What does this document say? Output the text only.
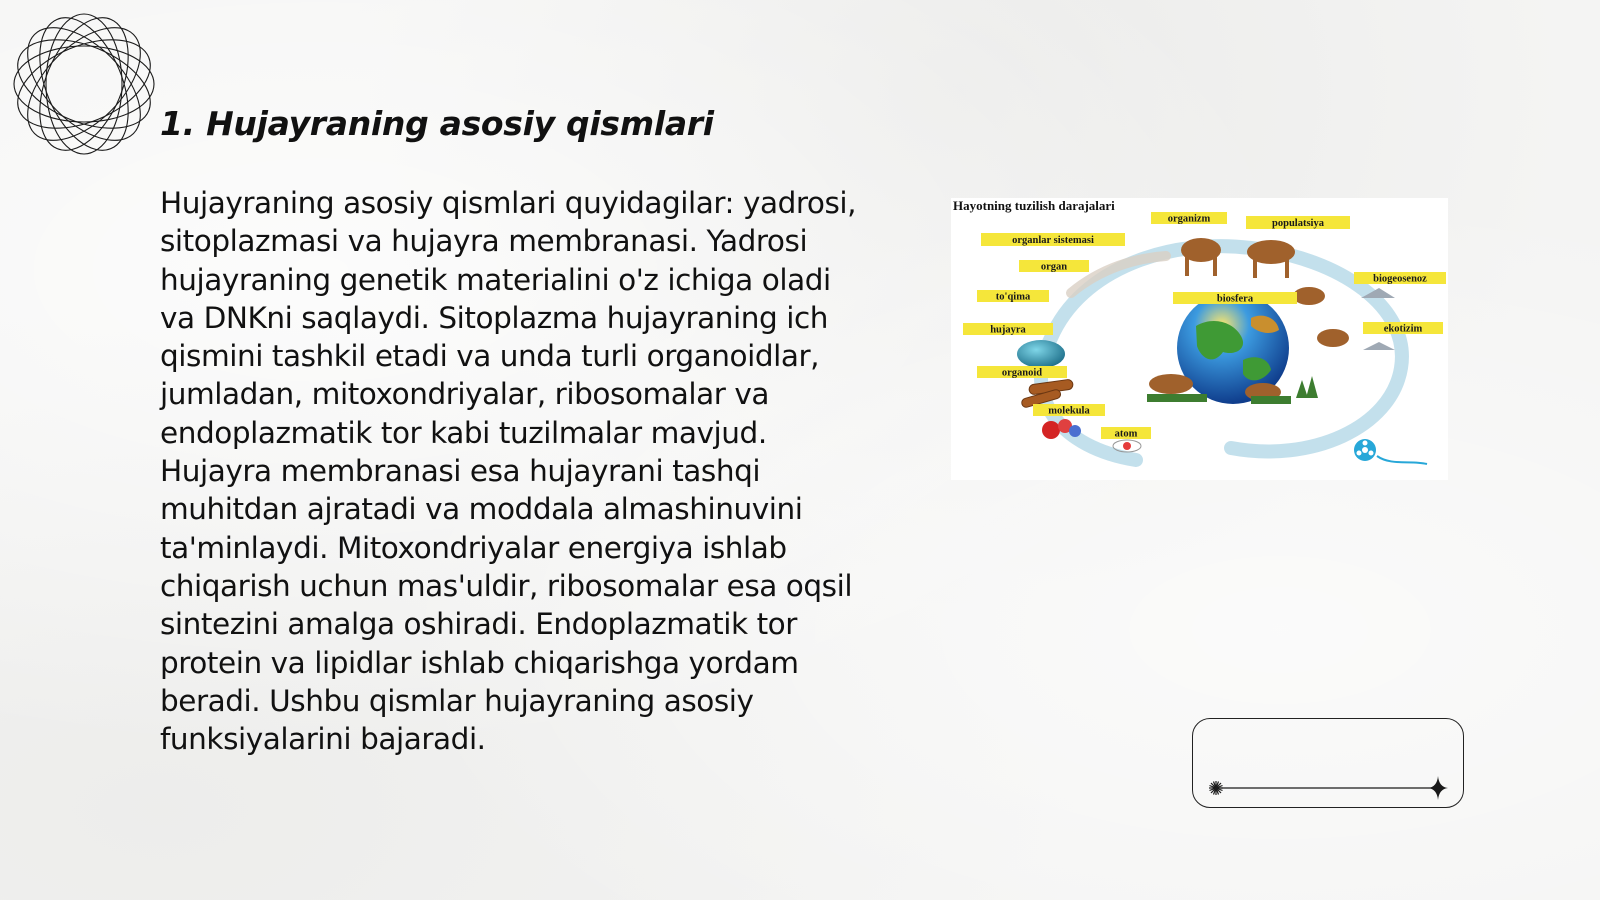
1. Hujayraning asosiy qismlari

Hujayraning asosiy qismlari quyidagilar: yadrosi, sitoplazmasi va hujayra membranasi. Yadrosi hujayraning genetik materialini o'z ichiga oladi va DNKni saqlaydi. Sitoplazma hujayraning ich qismini tashkil etadi va unda turli organoidlar, jumladan, mitoxondriyalar, ribosomalar va endoplazmatik tor kabi tuzilmalar mavjud. Hujayra membranasi esa hujayrani tashqi muhitdan ajratadi va moddala almashinuvini ta'minlaydi. Mitoxondriyalar energiya ishlab chiqarish uchun mas'uldir, ribosomalar esa oqsil sintezini amalga oshiradi. Endoplazmatik tor protein va lipidlar ishlab chiqarishga yordam beradi. Ushbu qismlar hujayraning asosiy funksiyalarini bajaradi.

Hayotning tuzilish darajalari
organizm	populatsiya
organlar sistemasi
organ
biogeosenoz
to'qima	biosfera
hujayra	ekotizim
organoid
molekula
atom
